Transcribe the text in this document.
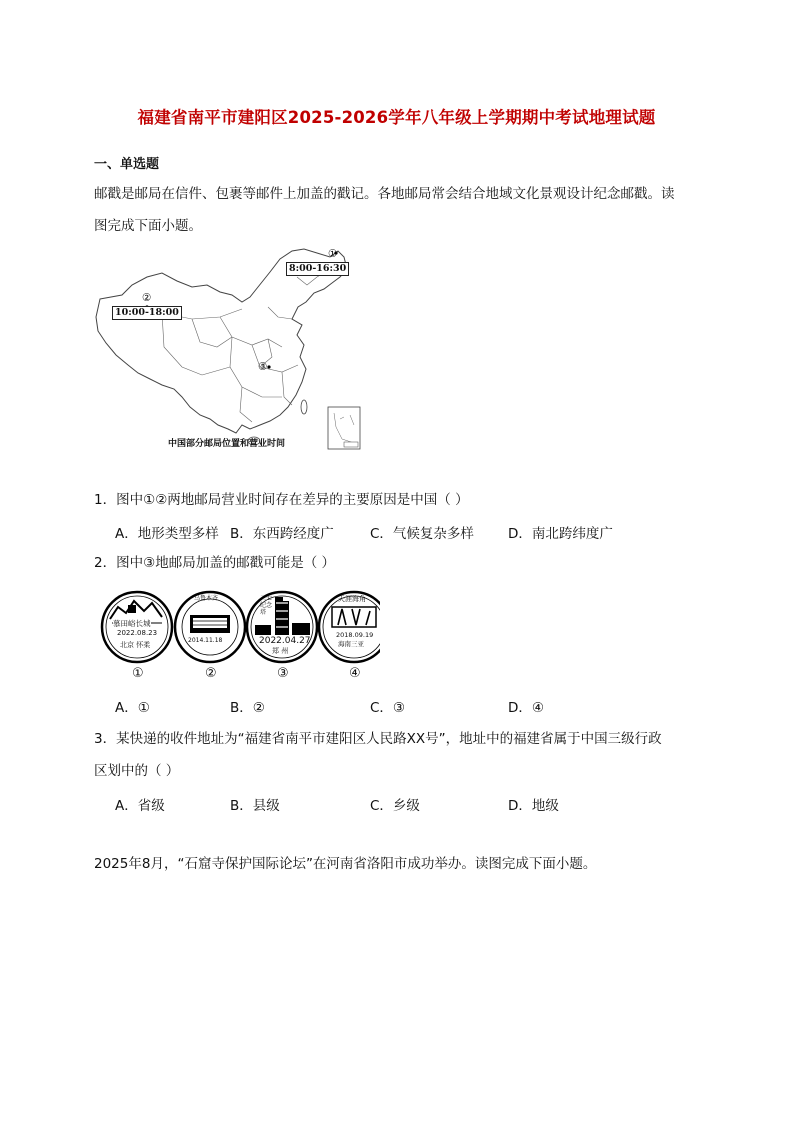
福建省南平市建阳区2025-2026学年八年级上学期期中考试地理试题
一、单选题
邮戳是邮局在信件、包裹等邮件上加盖的戳记。各地邮局常会结合地域文化景观设计纪念邮戳。读
图完成下面小题。
①
8:00-16:30
②
10:00-18:00
③
中国部分邮局位置和营业时间
1．图中①②两地邮局营业时间存在差异的主要原因是中国（ ）
A．地形类型多样 B．东西跨经度广	C．气候复杂多样	D．南北跨纬度广
2．图中③地邮局加盖的邮戳可能是（ ）
慕田峪长城
2022.08.23
北京 怀柔
乌鲁木齐
2014.11.18
二七纪念塔
2022.04.27
郑 州
天涯海角
2018.09.19
海南三亚
①	②	③	④
A．①	B．②	C．③	D．④
3．某快递的收件地址为“福建省南平市建阳区人民路XX号”，地址中的福建省属于中国三级行政
区划中的（ ）
A．省级	B．县级	C．乡级	D．地级
2025年8月，“石窟寺保护国际论坛”在河南省洛阳市成功举办。读图完成下面小题。
